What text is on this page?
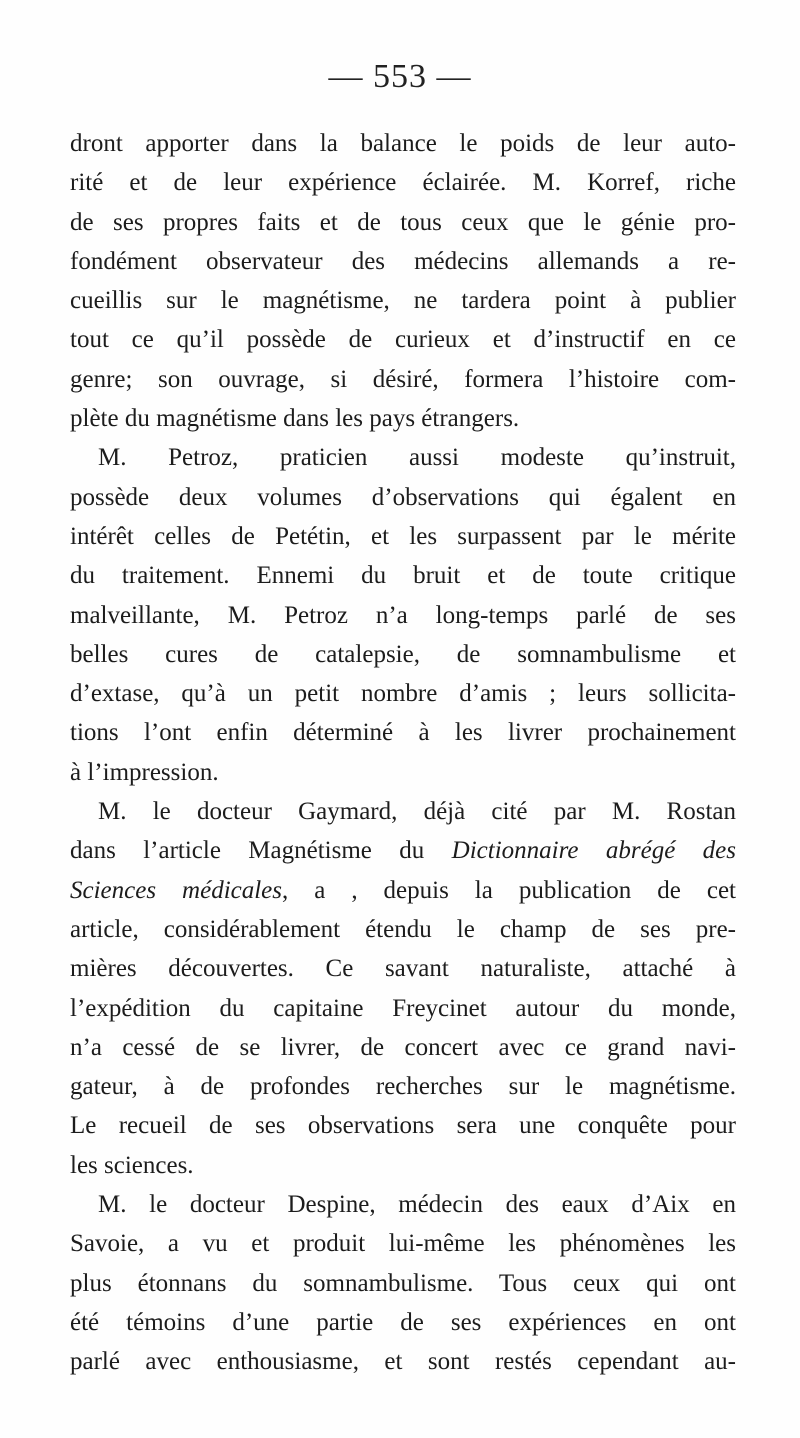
— 553 —

dront apporter dans la balance le poids de leur auto-
rité et de leur expérience éclairée. M. Korref, riche
de ses propres faits et de tous ceux que le génie pro-
fondément observateur des médecins allemands a re-
cueillis sur le magnétisme, ne tardera point à publier
tout ce qu’il possède de curieux et d’instructif en ce
genre; son ouvrage, si désiré, formera l’histoire com-
plète du magnétisme dans les pays étrangers.

M. Petroz, praticien aussi modeste qu’instruit,
possède deux volumes d’observations qui égalent en
intérêt celles de Petétin, et les surpassent par le mérite
du traitement. Ennemi du bruit et de toute critique
malveillante, M. Petroz n’a long-temps parlé de ses
belles cures de catalepsie, de somnambulisme et
d’extase, qu’à un petit nombre d’amis ; leurs sollicita-
tions l’ont enfin déterminé à les livrer prochainement
à l’impression.

M. le docteur Gaymard, déjà cité par M. Rostan
dans l’article Magnétisme du Dictionnaire abrégé des
Sciences médicales, a , depuis la publication de cet
article, considérablement étendu le champ de ses pre-
mières découvertes. Ce savant naturaliste, attaché à
l’expédition du capitaine Freycinet autour du monde,
n’a cessé de se livrer, de concert avec ce grand navi-
gateur, à de profondes recherches sur le magnétisme.
Le recueil de ses observations sera une conquête pour
les sciences.

M. le docteur Despine, médecin des eaux d’Aix en
Savoie, a vu et produit lui-même les phénomènes les
plus étonnans du somnambulisme. Tous ceux qui ont
été témoins d’une partie de ses expériences en ont
parlé avec enthousiasme, et sont restés cependant au-
